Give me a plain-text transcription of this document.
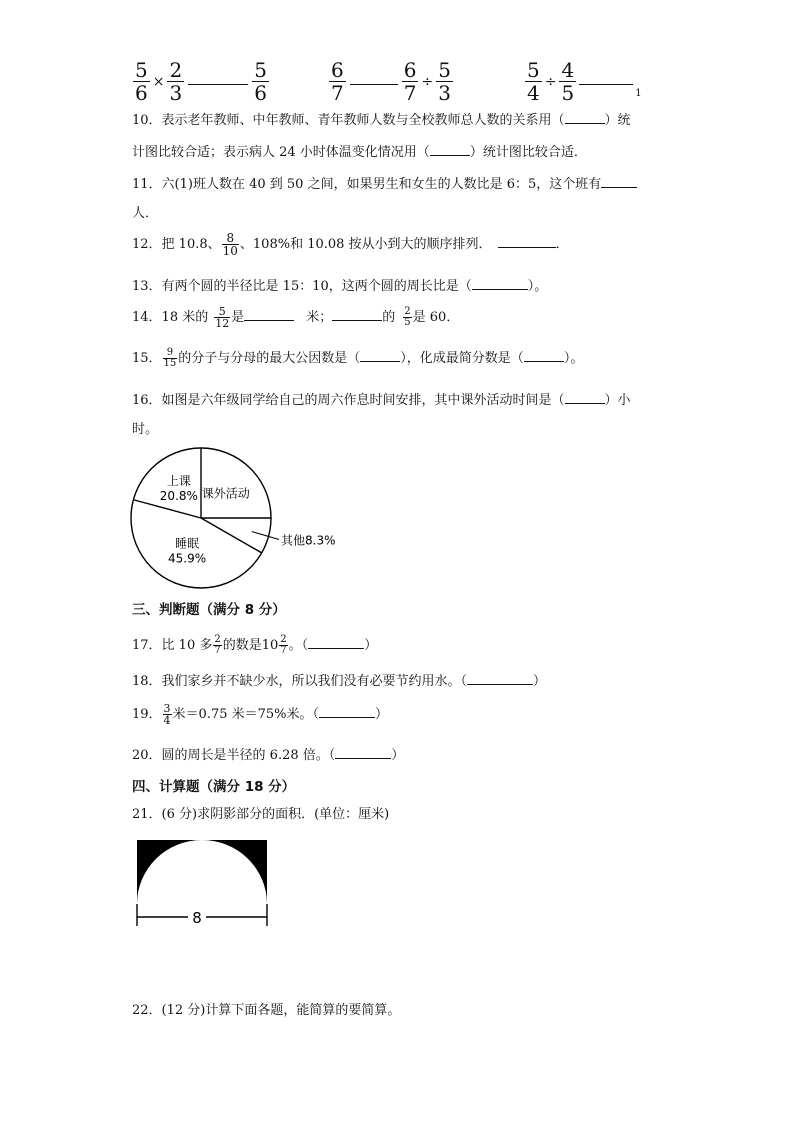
$\frac{5}{6} \times \frac{2}{3}$	$\frac{5}{6}$	$\frac{6}{7}$	$\frac{6}{7} \div \frac{5}{3}$	$\frac{5}{4} \div \frac{4}{5}$	1
10．表示老年教师、中年教师、青年教师人数与全校教师总人数的关系用（	）统
计图比较合适；表示病人 24 小时体温变化情况用（	）统计图比较合适．
11．六(1)班人数在 40 到 50 之间，如果男生和女生的人数比是 6：5，这个班有
人．
12．把 10.8、 $\frac{8}{10}$ 、108%和 10.08 按从小到大的顺序排列．	．
13．有两个圆的半径比是 15：10，这两个圆的周长比是（	）。
14．18 米的 $\frac{5}{12}$ 是	米；	的 $\frac{2}{5}$ 是 60．
15． $\frac{9}{15}$ 的分子与分母的最大公因数是（	），化成最简分数是（	）。
16．如图是六年级同学给自己的周六作息时间安排，其中课外活动时间是（	）小
时。
上课
20.8% 课外活动
睡眠
45.9%
其他8.3%
三、判断题（满分 8 分）
17．比 10 多 $\frac{2}{7}$ 的数是$10 \frac{2}{7}$ 。（	）
18．我们家乡并不缺少水，所以我们没有必要节约用水。（	）
19． $\frac{3}{4}$ 米＝0.75 米＝75%米。（	）
20．圆的周长是半径的 6.28 倍。（	）
四、计算题（满分 18 分）
21．(6 分)求阴影部分的面积．(单位：厘米)
8
22．(12 分)计算下面各题，能简算的要简算。
